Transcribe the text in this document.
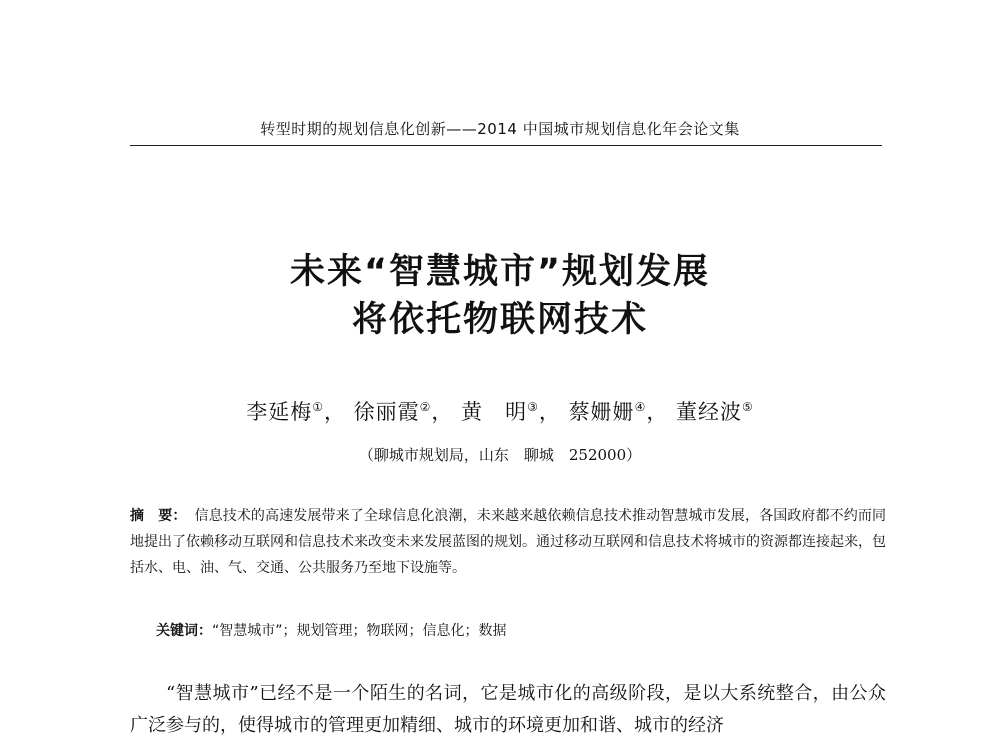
转型时期的规划信息化创新——2014 中国城市规划信息化年会论文集
未来“智慧城市”规划发展
将依托物联网技术
李延梅①， 徐丽霞②， 黄　明③， 蔡姗姗④， 董经波⑤
（聊城市规划局，山东　聊城　252000）
摘　要： 信息技术的高速发展带来了全球信息化浪潮，未来越来越依赖信息技术推动智慧城市发展，各国政府都不约而同地提出了依赖移动互联网和信息技术来改变未来发展蓝图的规划。通过移动互联网和信息技术将城市的资源都连接起来，包括水、电、油、气、交通、公共服务乃至地下设施等。
关键词：“智慧城市”；规划管理；物联网；信息化；数据
“智慧城市”已经不是一个陌生的名词，它是城市化的高级阶段，是以大系统整合，由公众广泛参与的，使得城市的管理更加精细、城市的环境更加和谐、城市的经济
